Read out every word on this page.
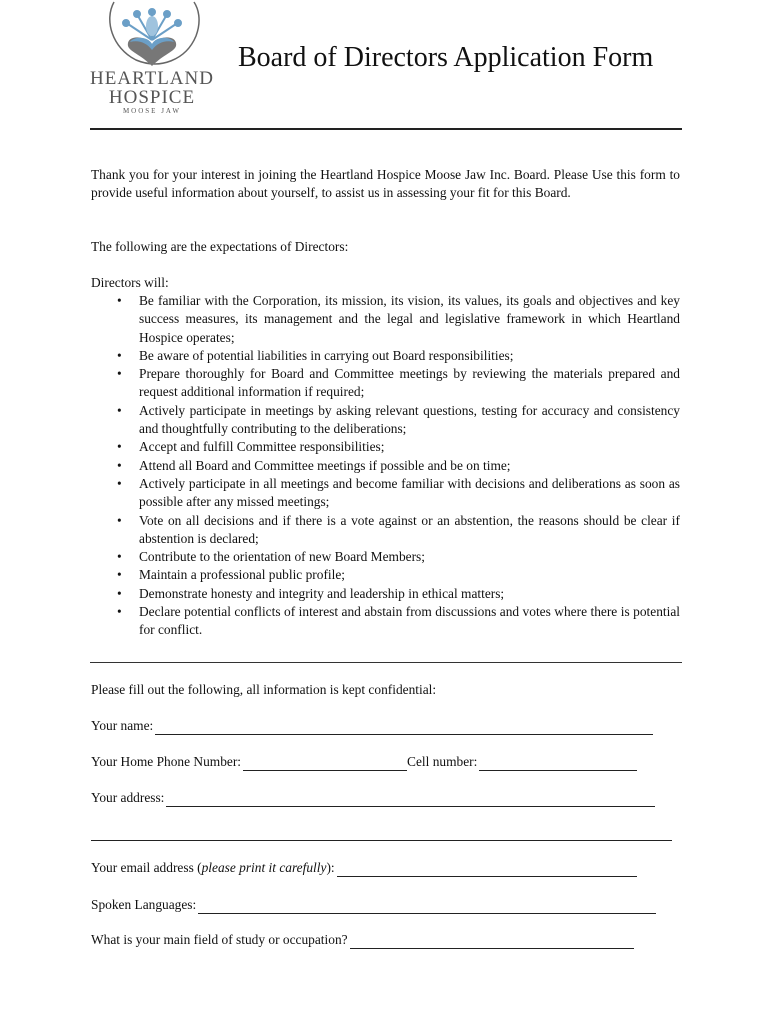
HEARTLAND
HOSPICE
MOOSE JAW
Board of Directors Application Form
Thank you for your interest in joining the Heartland Hospice Moose Jaw Inc. Board. Please Use this form to provide useful information about yourself, to assist us in assessing your fit for this Board.
The following are the expectations of Directors:
Directors will:
• Be familiar with the Corporation, its mission, its vision, its values, its goals and objectives and key success measures, its management and the legal and legislative framework in which Heartland Hospice operates;
• Be aware of potential liabilities in carrying out Board responsibilities;
• Prepare thoroughly for Board and Committee meetings by reviewing the materials prepared and request additional information if required;
• Actively participate in meetings by asking relevant questions, testing for accuracy and consistency and thoughtfully contributing to the deliberations;
• Accept and fulfill Committee responsibilities;
• Attend all Board and Committee meetings if possible and be on time;
• Actively participate in all meetings and become familiar with decisions and deliberations as soon as possible after any missed meetings;
• Vote on all decisions and if there is a vote against or an abstention, the reasons should be clear if abstention is declared;
• Contribute to the orientation of new Board Members;
• Maintain a professional public profile;
• Demonstrate honesty and integrity and leadership in ethical matters;
• Declare potential conflicts of interest and abstain from discussions and votes where there is potential for conflict.
Please fill out the following, all information is kept confidential:
Your name:
Your Home Phone Number:	Cell number:
Your address:
Your email address ( please print it carefully ):
Spoken Languages:
What is your main field of study or occupation?
